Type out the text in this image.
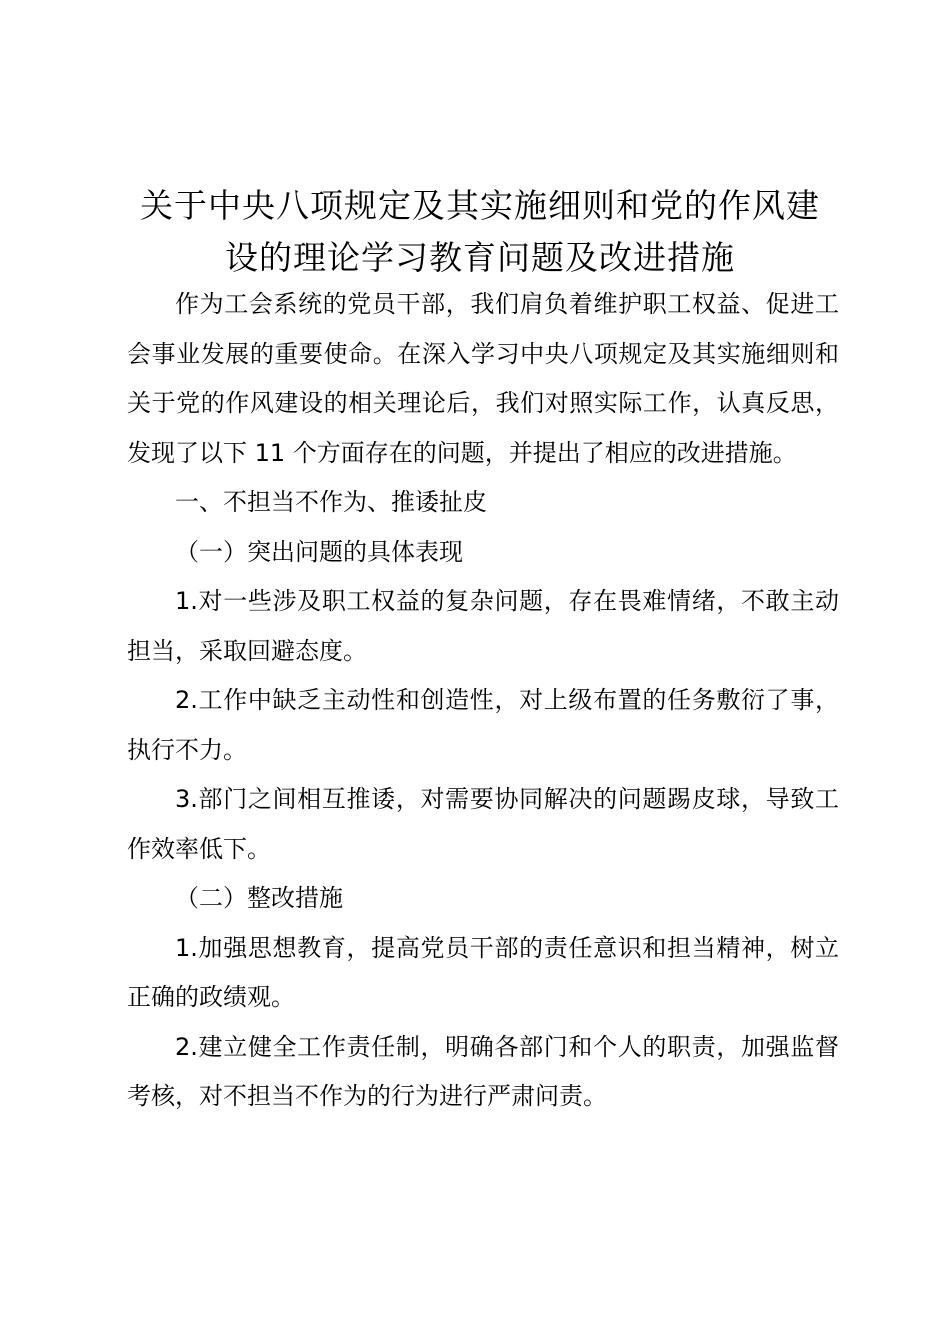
关于中央八项规定及其实施细则和党的作风建
设的理论学习教育问题及改进措施

作为工会系统的党员干部，我们肩负着维护职工权益、促进工会事业发展的重要使命。在深入学习中央八项规定及其实施细则和关于党的作风建设的相关理论后，我们对照实际工作，认真反思，发现了以下 11 个方面存在的问题，并提出了相应的改进措施。

一、不担当不作为、推诿扯皮

（一）突出问题的具体表现

1.对一些涉及职工权益的复杂问题，存在畏难情绪，不敢主动担当，采取回避态度。

2.工作中缺乏主动性和创造性，对上级布置的任务敷衍了事，执行不力。

3.部门之间相互推诿，对需要协同解决的问题踢皮球，导致工作效率低下。

（二）整改措施

1.加强思想教育，提高党员干部的责任意识和担当精神，树立正确的政绩观。

2.建立健全工作责任制，明确各部门和个人的职责，加强监督考核，对不担当不作为的行为进行严肃问责。
